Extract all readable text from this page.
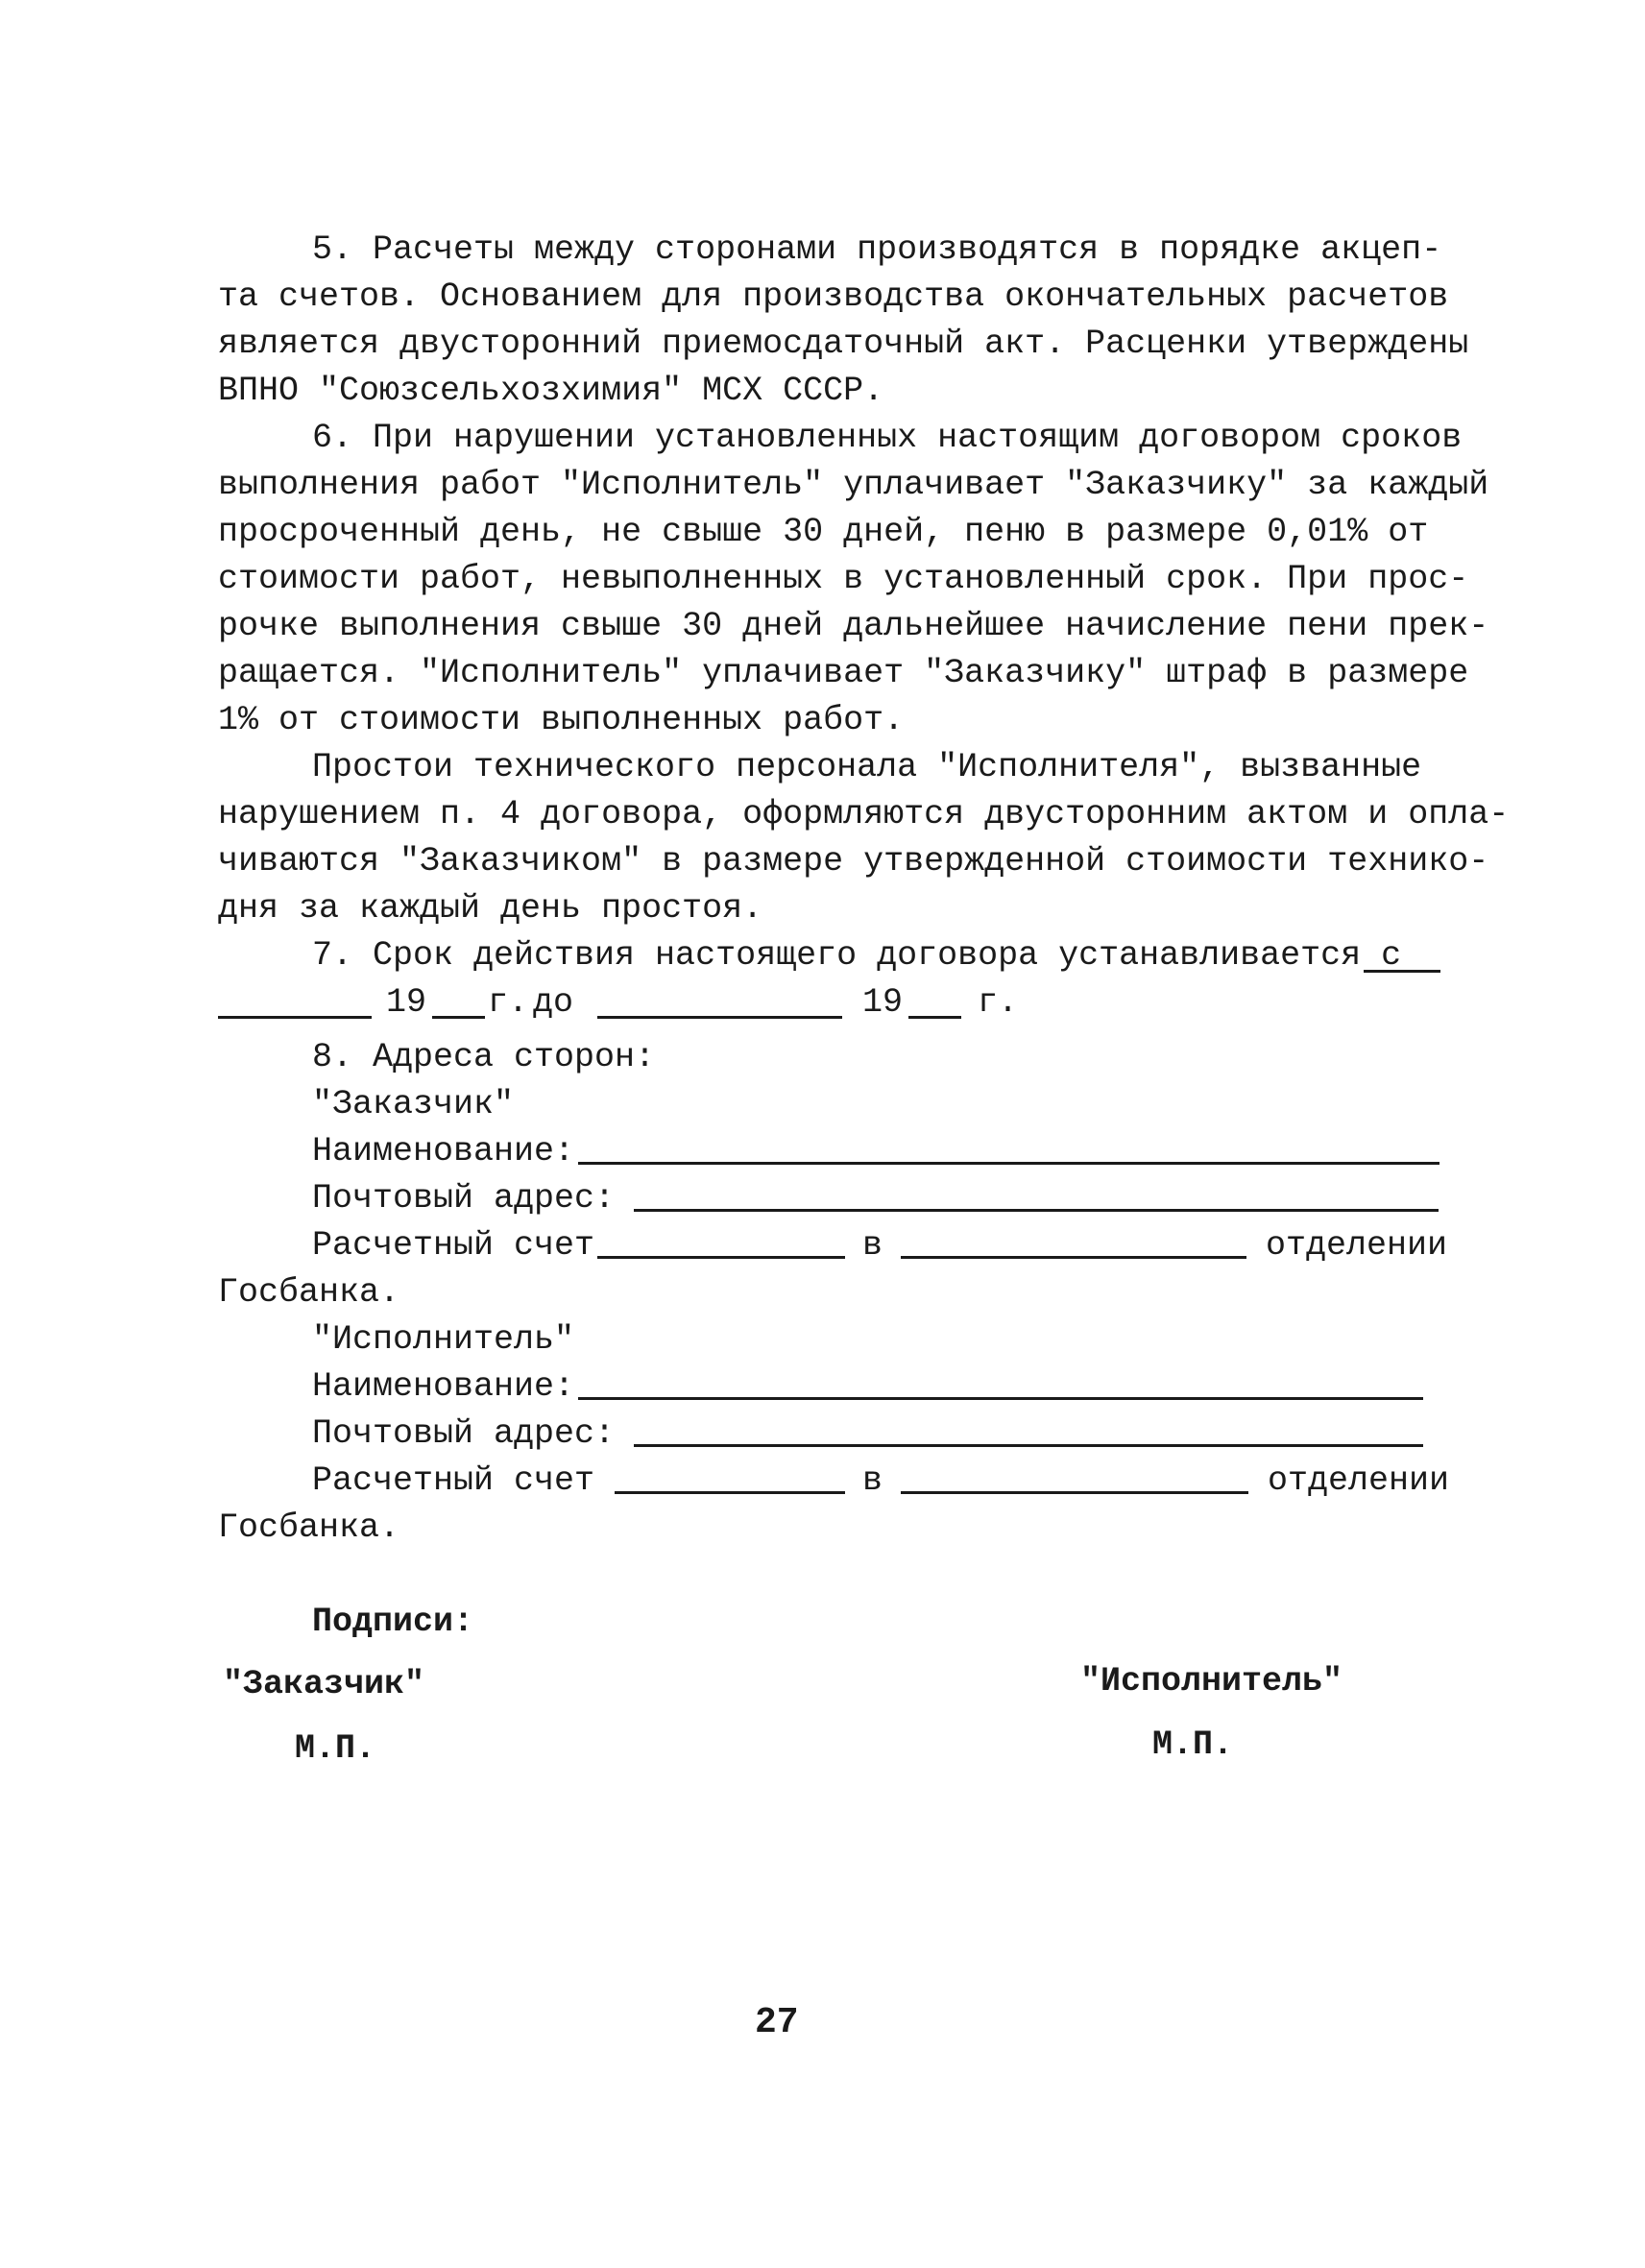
5. Расчеты между сторонами производятся в порядке акцеп-
та счетов. Основанием для производства окончательных расчетов
является двусторонний приемосдаточный акт. Расценки утверждены
ВПНО "Союзсельхозхимия" МСХ СССР.
6. При нарушении установленных настоящим договором сроков
выполнения работ "Исполнитель" уплачивает "Заказчику" за каждый
просроченный день, не свыше 30 дней, пеню в размере 0,01% от
стоимости работ, невыполненных в установленный срок. При прос-
рочке выполнения свыше 30 дней дальнейшее начисление пени прек-
ращается. "Исполнитель" уплачивает "Заказчику" штраф в размере
1% от стоимости выполненных работ.
Простои технического персонала "Исполнителя", вызванные
нарушением п. 4 договора, оформляются двусторонним актом и опла-
чиваются "Заказчиком" в размере утвержденной стоимости технико-
дня за каждый день простоя.
7. Срок действия настоящего договора устанавливается с
19 г. до	19 г.
8. Адреса сторон:
"Заказчик"
Наименование:
Почтовый адрес:
Расчетный счет	в	отделении
Госбанка.
"Исполнитель"
Наименование:
Почтовый адрес:
Расчетный счет	в	отделении
Госбанка.
Подписи:
"Заказчик"	"Исполнитель"
М.П.	М.П.
27
